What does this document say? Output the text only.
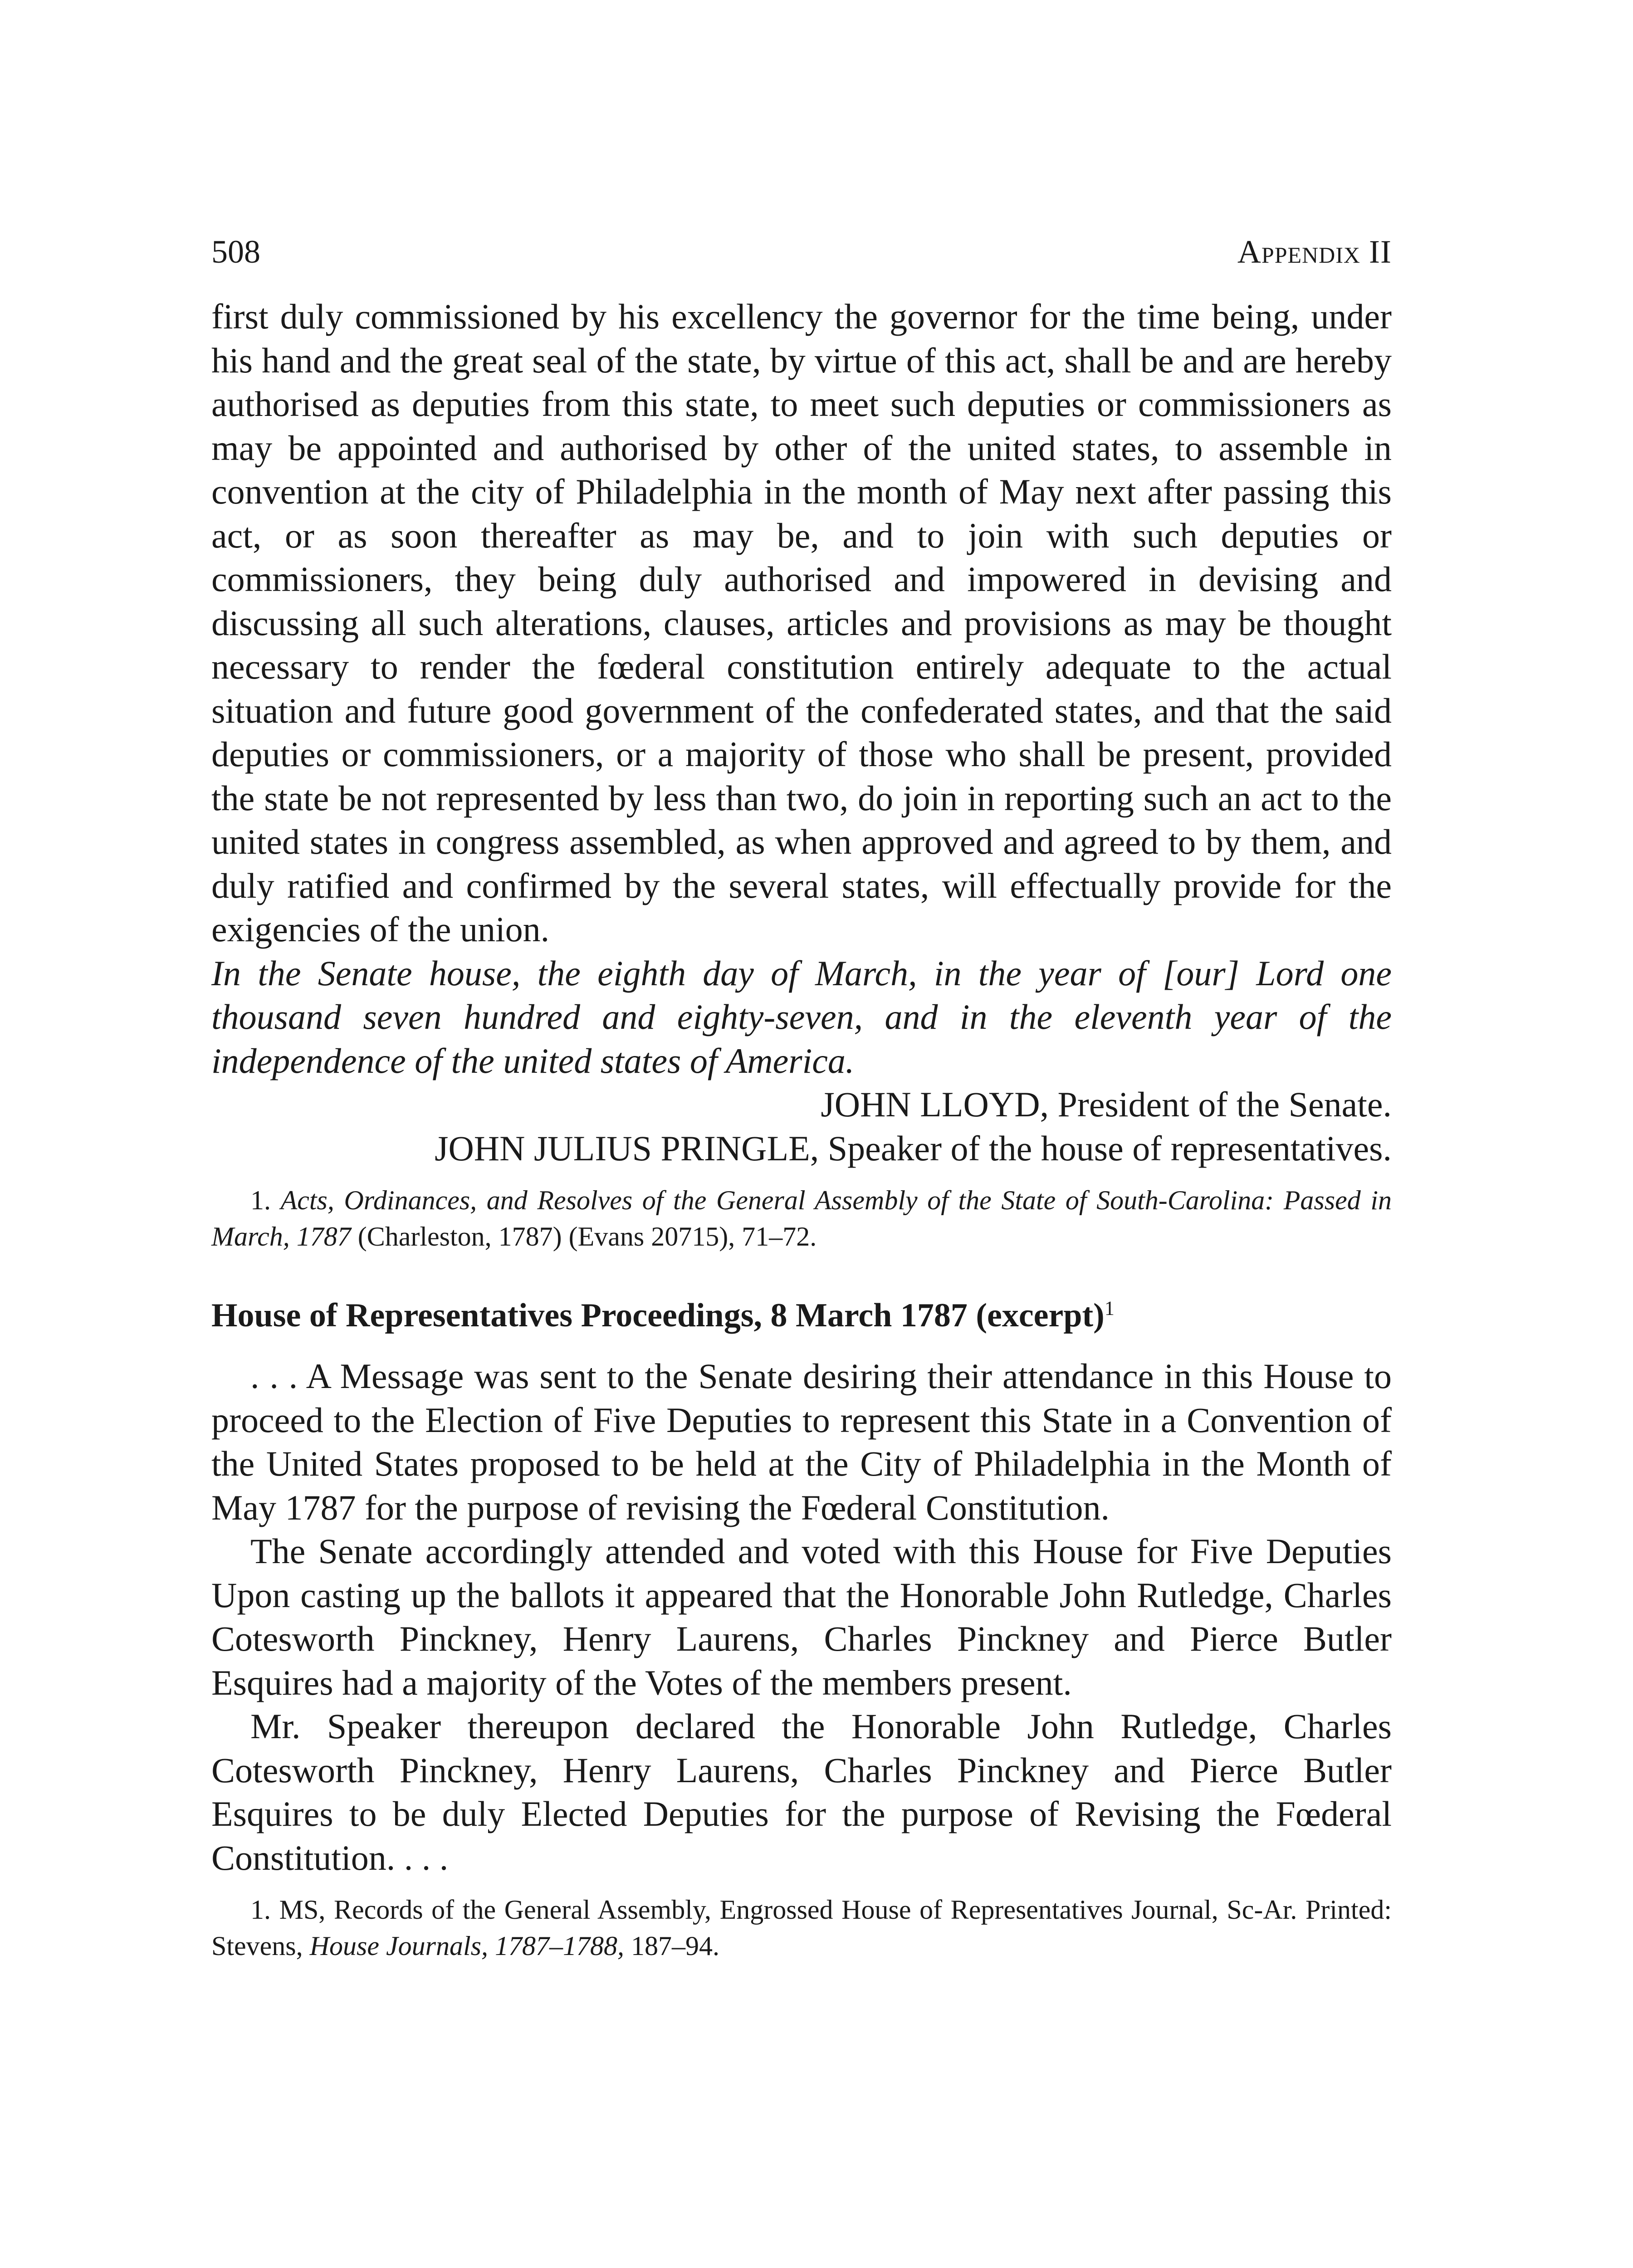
508	Appendix II

first duly commissioned by his excellency the governor for the time being, under his hand and the great seal of the state, by virtue of this act, shall be and are hereby authorised as deputies from this state, to meet such deputies or commissioners as may be appointed and authorised by other of the united states, to assemble in convention at the city of Philadelphia in the month of May next after passing this act, or as soon thereafter as may be, and to join with such deputies or commissioners, they being duly authorised and impowered in devising and discussing all such alterations, clauses, articles and provisions as may be thought necessary to render the fœderal constitution entirely adequate to the actual situation and future good government of the confederated states, and that the said deputies or commissioners, or a majority of those who shall be present, provided the state be not represented by less than two, do join in reporting such an act to the united states in congress assembled, as when approved and agreed to by them, and duly ratified and confirmed by the several states, will effectually provide for the exigencies of the union.

In the Senate house, the eighth day of March, in the year of [our] Lord one thousand seven hundred and eighty-seven, and in the eleventh year of the independence of the united states of America.

JOHN LLOYD, President of the Senate.

JOHN JULIUS PRINGLE, Speaker of the house of representatives.

1. Acts, Ordinances, and Resolves of the General Assembly of the State of South-Carolina: Passed in March, 1787 (Charleston, 1787) (Evans 20715), 71–72.

House of Representatives Proceedings, 8 March 1787 (excerpt)$^1$

. . . A Message was sent to the Senate desiring their attendance in this House to proceed to the Election of Five Deputies to represent this State in a Convention of the United States proposed to be held at the City of Philadelphia in the Month of May 1787 for the purpose of revising the Fœderal Constitution.

The Senate accordingly attended and voted with this House for Five Deputies Upon casting up the ballots it appeared that the Honorable John Rutledge, Charles Cotesworth Pinckney, Henry Laurens, Charles Pinckney and Pierce Butler Esquires had a majority of the Votes of the members present.

Mr. Speaker thereupon declared the Honorable John Rutledge, Charles Cotesworth Pinckney, Henry Laurens, Charles Pinckney and Pierce Butler Esquires to be duly Elected Deputies for the purpose of Revising the Fœderal Constitution. . . .

1. MS, Records of the General Assembly, Engrossed House of Representatives Journal, Sc-Ar. Printed: Stevens, House Journals, 1787–1788, 187–94.
